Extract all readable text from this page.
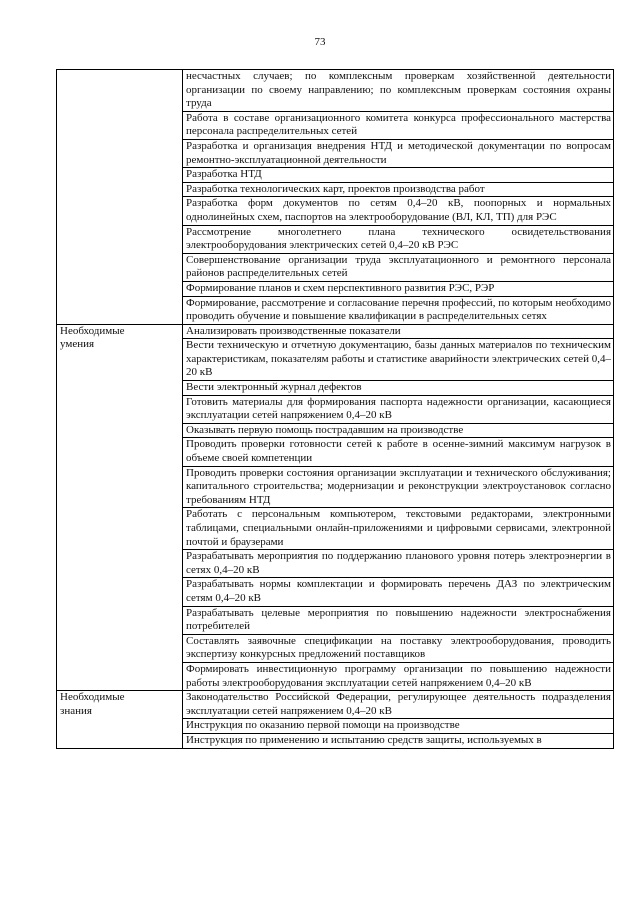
73
	несчастных случаев; по комплексным проверкам хозяйственной деятельности организации по своему направлению; по комплексным проверкам состояния охраны труда
	Работа в составе организационного комитета конкурса профессионального мастерства персонала распределительных сетей
	Разработка и организация внедрения НТД и методической документации по вопросам ремонтно-эксплуатационной деятельности
	Разработка НТД
	Разработка технологических карт, проектов производства работ
	Разработка форм документов по сетям 0,4–20 кВ, поопорных и нормальных однолинейных схем, паспортов на электрооборудование (ВЛ, КЛ, ТП) для РЭС
	Рассмотрение многолетнего плана технического освидетельствования электрооборудования электрических сетей 0,4–20 кВ РЭС
	Совершенствование организации труда эксплуатационного и ремонтного персонала районов распределительных сетей
	Формирование планов и схем перспективного развития РЭС, РЭР
	Формирование, рассмотрение и согласование перечня профессий, по которым необходимо проводить обучение и повышение квалификации в распределительных сетях

Необходимые умения	Анализировать производственные показатели
	Вести техническую и отчетную документацию, базы данных материалов по техническим характеристикам, показателям работы и статистике аварийности электрических сетей 0,4–20 кВ
	Вести электронный журнал дефектов
	Готовить материалы для формирования паспорта надежности организации, касающиеся эксплуатации сетей напряжением 0,4–20 кВ
	Оказывать первую помощь пострадавшим на производстве
	Проводить проверки готовности сетей к работе в осенне-зимний максимум нагрузок в объеме своей компетенции
	Проводить проверки состояния организации эксплуатации и технического обслуживания; капитального строительства; модернизации и реконструкции электроустановок согласно требованиям НТД
	Работать с персональным компьютером, текстовыми редакторами, электронными таблицами, специальными онлайн-приложениями и цифровыми сервисами, электронной почтой и браузерами
	Разрабатывать мероприятия по поддержанию планового уровня потерь электроэнергии в сетях 0,4–20 кВ
	Разрабатывать нормы комплектации и формировать перечень ДАЗ по электрическим сетям 0,4–20 кВ
	Разрабатывать целевые мероприятия по повышению надежности электроснабжения потребителей
	Составлять заявочные спецификации на поставку электрооборудования, проводить экспертизу конкурсных предложений поставщиков
	Формировать инвестиционную программу организации по повышению надежности работы электрооборудования эксплуатации сетей напряжением 0,4–20 кВ

Необходимые знания	Законодательство Российской Федерации, регулирующее деятельность подразделения эксплуатации сетей напряжением 0,4–20 кВ
	Инструкция по оказанию первой помощи на производстве
	Инструкция по применению и испытанию средств защиты, используемых в
